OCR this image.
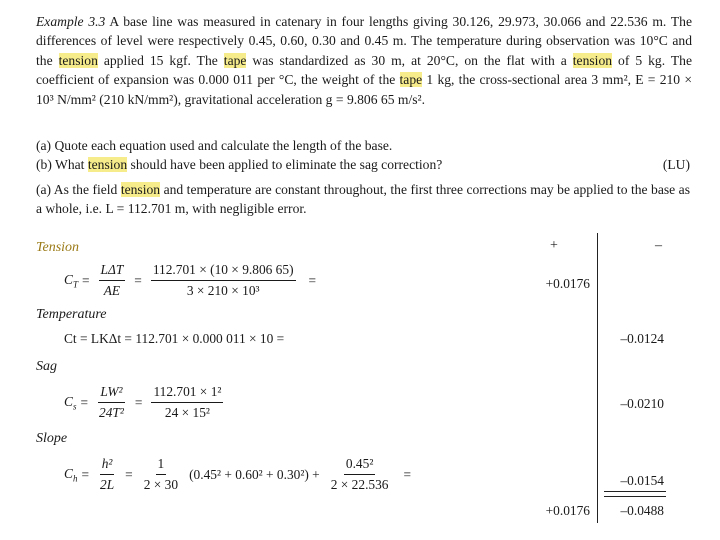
Example 3.3 A base line was measured in catenary in four lengths giving 30.126, 29.973, 30.066 and 22.536 m. The differences of level were respectively 0.45, 0.60, 0.30 and 0.45 m. The temperature during observation was 10°C and the tension applied 15 kgf. The tape was standardized as 30 m, at 20°C, on the flat with a tension of 5 kg. The coefficient of expansion was 0.000 011 per °C, the weight of the tape 1 kg, the cross-sectional area 3 mm², E = 210 × 10³ N/mm² (210 kN/mm²), gravitational acceleration g = 9.806 65 m/s².
(a) Quote each equation used and calculate the length of the base.
(b) What tension should have been applied to eliminate the sag correction?	(LU)
(a) As the field tension and temperature are constant throughout, the first three corrections may be applied to the base as a whole, i.e. L = 112.701 m, with negligible error.
+	–
Tension
$C_T = \frac{\text{LΔT}}{AE} = \frac{112.701 \times (10 \times 9.806 65)}{\text{3 × 210 × 10³}}$ =	+0.0176
Temperature
Ct = LKΔt = 112.701 × 0.000 011 × 10 =	–0.0124
Sag
$C_s = \frac{\text{LW²}}{\text{24T²}} = \frac{\text{112.701 × 1²}}{\text{24 × 15²}}$	–0.0210
Slope
$C_h = \frac{\text{h²}}{2L} = \frac{1}{2 \times 30} (0.45^2 + 0.60^2 + 0.30^2) + \frac{\text{0.45²}}{2 \times 22.536}$ =	–0.0154
+0.0176	–0.0488
